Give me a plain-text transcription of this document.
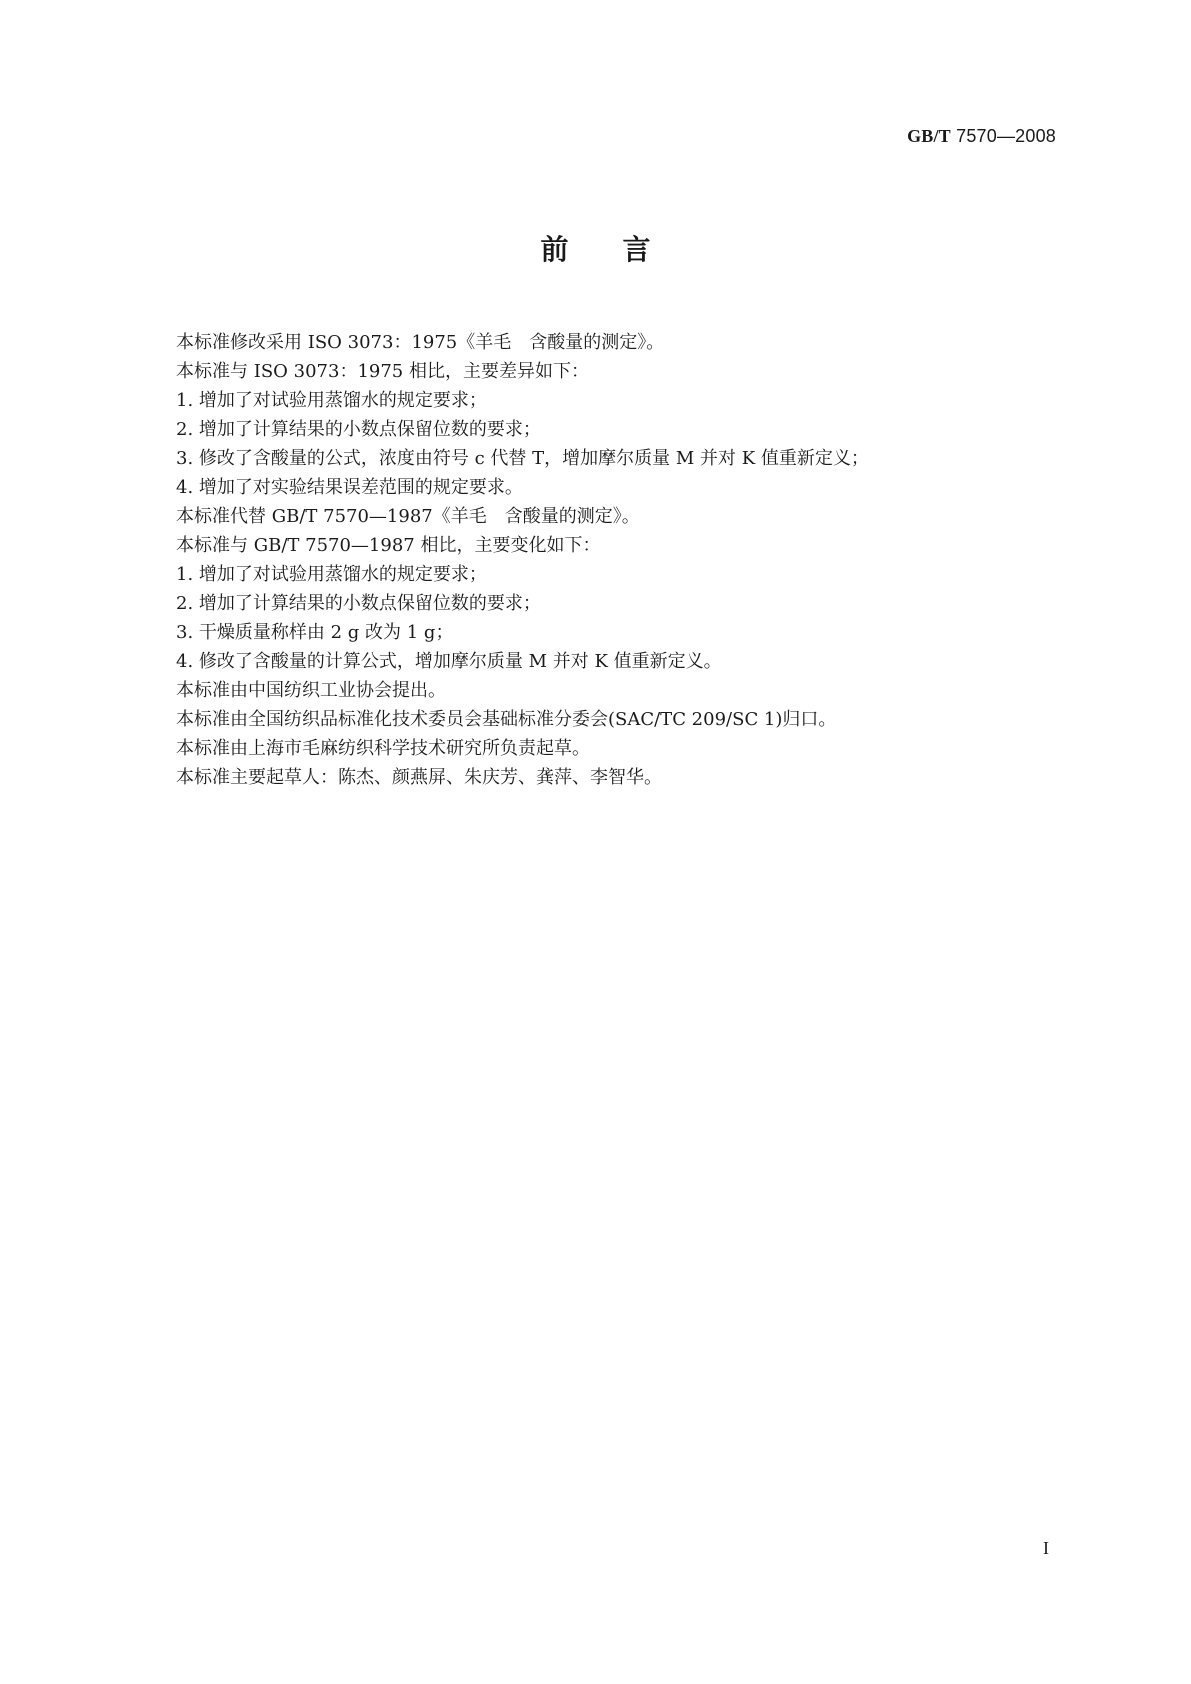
GB/T 7570—2008
前言
本标准修改采用 ISO 3073：1975《羊毛　含酸量的测定》。
本标准与 ISO 3073：1975 相比，主要差异如下：
1. 增加了对试验用蒸馏水的规定要求；
2. 增加了计算结果的小数点保留位数的要求；
3. 修改了含酸量的公式，浓度由符号 c 代替 T，增加摩尔质量 M 并对 K 值重新定义；
4. 增加了对实验结果误差范围的规定要求。
本标准代替 GB/T 7570—1987《羊毛　含酸量的测定》。
本标准与 GB/T 7570—1987 相比，主要变化如下：
1. 增加了对试验用蒸馏水的规定要求；
2. 增加了计算结果的小数点保留位数的要求；
3. 干燥质量称样由 2 g 改为 1 g；
4. 修改了含酸量的计算公式，增加摩尔质量 M 并对 K 值重新定义。
本标准由中国纺织工业协会提出。
本标准由全国纺织品标准化技术委员会基础标准分委会(SAC/TC 209/SC 1)归口。
本标准由上海市毛麻纺织科学技术研究所负责起草。
本标准主要起草人：陈杰、颜燕屏、朱庆芳、龚萍、李智华。
I
